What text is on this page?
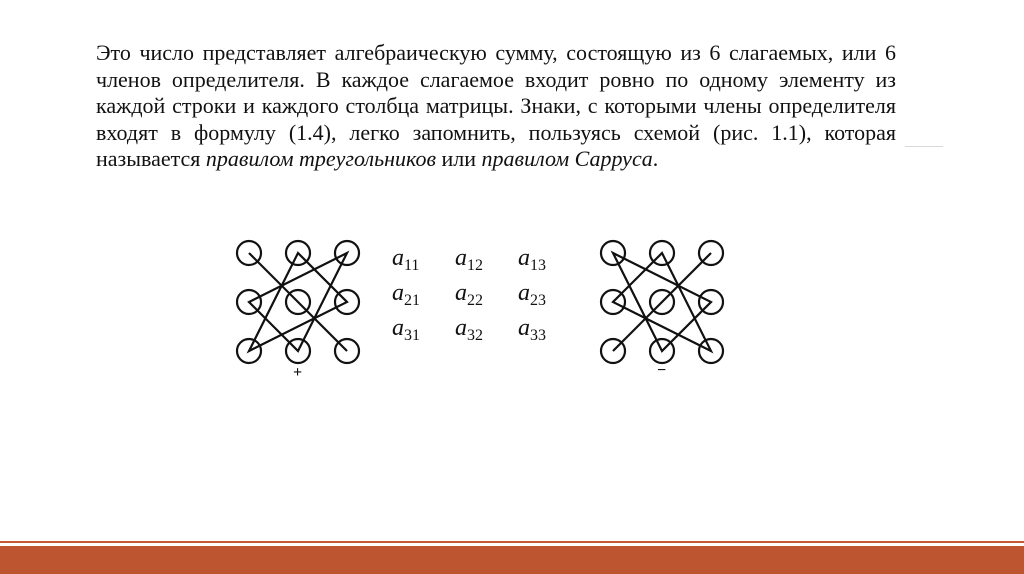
Это число представляет алгебраическую сумму, состоящую из 6 слагаемых, или 6 членов определителя. В каждое слагаемое входит ровно по одному элементу из каждой строки и каждого столбца матрицы. Знаки, с которыми члены определителя входят в формулу (1.4), легко запомнить, пользуясь схемой (рис. 1.1), которая называется правилом треугольников или правилом Саррусa.
+
$a_{11}$ $a_{12}$ $a_{13}$
$a_{21}$ $a_{22}$ $a_{23}$
$a_{31}$ $a_{32}$ $a_{33}$
−
